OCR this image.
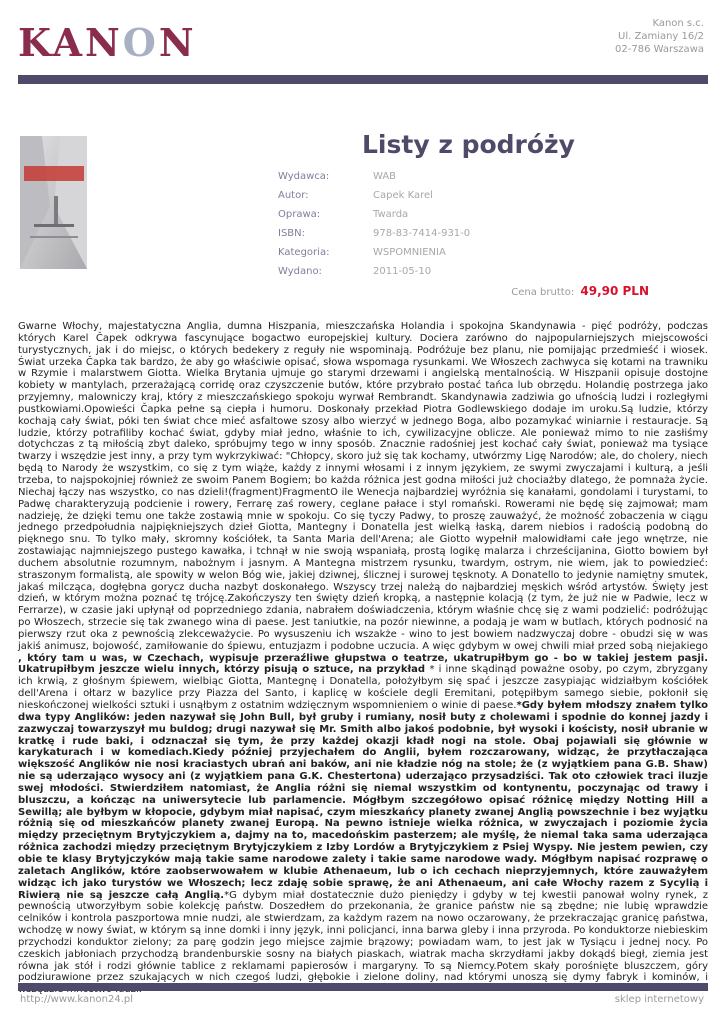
KANON	Kanon s.c.
Ul. Zamiany 16/2
02-786 Warszawa
Listy z podróży
Wydawca:	WAB
Autor:	Capek Karel
Oprawa:	Twarda
ISBN:	978-83-7414-931-0
Kategoria:	WSPOMNIENIA
Wydano:	2011-05-10
Cena brutto: 49,90 PLN

Gwarne Włochy, majestatyczna Anglia, dumna Hiszpania, mieszczańska Holandia i spokojna Skandynawia - pięć podróży, podczas których Karel Čapek odkrywa fascynujące bogactwo europejskiej kultury. Dociera zarówno do najpopularniejszych miejscowości turystycznych, jak i do miejsc, o których bedekery z reguły nie wspominają. Podróżuje bez planu, nie pomijając przedmieść i wiosek. Świat urzeka Čapka tak bardzo, że aby go właściwie opisać, słowa wspomaga rysunkami. We Włoszech zachwyca się kotami na trawniku w Rzymie i malarstwem Giotta. Wielka Brytania ujmuje go starymi drzewami i angielską mentalnością. W Hiszpanii opisuje dostojne kobiety w mantylach, przerażającą corridę oraz czyszczenie butów, które przybrało postać tańca lub obrzędu. Holandię postrzega jako przyjemny, malowniczy kraj, który z mieszczańskiego spokoju wyrwał Rembrandt. Skandynawia zadziwia go ufnością ludzi i rozległymi pustkowiami.Opowieści Čapka pełne są ciepła i humoru. Doskonały przekład Piotra Godlewskiego dodaje im uroku.Są ludzie, którzy kochają cały świat, póki ten świat chce mieć asfaltowe szosy albo wierzyć w jednego Boga, albo pozamykać winiarnie i restauracje. Są ludzie, którzy potrafiliby kochać świat, gdyby miał jedno, właśnie to ich, cywilizacyjne oblicze. Ale ponieważ mimo to nie zasłiśmy dotychczas z tą miłością zbyt daleko, spróbujmy tego w inny sposób. Znacznie radośniej jest kochać cały świat, ponieważ ma tysiące twarzy i wszędzie jest inny, a przy tym wykrzykiwać: "Chłopcy, skoro już się tak kochamy, utwórzmy Ligę Narodów; ale, do cholery, niech będą to Narody że wszystkim, co się z tym wiąże, każdy z innymi włosami i z innym językiem, ze swymi zwyczajami i kulturą, a jeśli trzeba, to najspokojniej również ze swoim Panem Bogiem; bo każda różnica jest godna miłości już chociażby dlatego, że pomnaża życie. Niechaj łączy nas wszystko, co nas dzieli!(fragment)FragmentO ile Wenecja najbardziej wyróżnia się kanałami, gondolami i turystami, to Padwę charakteryzują podcienie i rowery, Ferrarę zaś rowery, ceglane pałace i styl romański. Rowerami nie będę się zajmował; mam nadzieję, że dzięki temu one także zostawią mnie w spokoju. Co się tyczy Padwy, to proszę zauważyć, że możność zobaczenia w ciągu jednego przedpołudnia najpiękniejszych dzieł Giotta, Mantegny i Donatella jest wielką łaską, darem niebios i radością podobną do pięknego snu. To tylko mały, skromny kościółek, ta Santa Maria dell'Arena; ale Giotto wypełnił malowidłami całe jego wnętrze, nie zostawiając najmniejszego pustego kawałka, i tchnął w nie swoją wspaniałą, prostą logikę malarza i chrześcijanina, Giotto bowiem był duchem absolutnie rozumnym, nabożnym i jasnym. A Mantegna mistrzem rysunku, twardym, ostrym, nie wiem, jak to powiedzieć: straszonym formalistą, ale spowity w welon Bóg wie, jakiej dziwnej, ślicznej i surowej tęsknoty. A Donatello to jedynie namiętny smutek, jakaś milcząca, dogłębna gorycz ducha nazbyt doskonałego. Wszyscy trzej należą do najbardziej męskich wśród artystów. Święty jest dzień, w którym można poznać tę trójcę.Zakończyszy ten święty dzień kropką, a następnie kolacją (z tym, że już nie w Padwie, lecz w Ferrarze), w czasie jaki upłynął od poprzedniego zdania, nabrałem doświadczenia, którym właśnie chcę się z wami podzielić: podróżując po Włoszech, strzecie się tak zwanego wina di paese. Jest taniutkie, na pozór niewinne, a podają je wam w butlach, których podnosić na pierwszy rzut oka z pewnością zlekceważycie. Po wysuszeniu ich wszakże - wino to jest bowiem nadzwyczaj dobre - obudzi się w was jakiś animusz, bojowość, zamiłowanie do śpiewu, entuzjazm i podobne uczucia. A więc gdybym w owej chwili miał przed sobą niejakiego , który tam u was, w Czechach, wypisuje przeraźliwe głupstwa o teatrze, ukatrupiłbym go - bo w takiej jestem pasji. Ukatrupiłbym jeszcze wielu innych, którzy pisują o sztuce, na przykład * i inne skądinąd poważne osoby, po czym, zbryzgany ich krwią, z głośnym śpiewem, wielbiąc Giotta, Mantegnę i Donatella, położyłbym się spać i jeszcze zasypiając widziałbym kościółek dell'Arena i ołtarz w bazylice przy Piazza del Santo, i kaplicę w kościele degli Eremitani, potępiłbym samego siebie, pokłonił się nieskończonej wielkości sztuki i usnąłbym z ostatnim wdzięcznym wspomnieniem o winie di paese.*Gdy byłem młodszy znałem tylko dwa typy Anglików: jeden nazywał się John Bull, był gruby i rumiany, nosił buty z cholewami i spodnie do konnej jazdy i zazwyczaj towarzyszył mu buldog; drugi nazywał się Mr. Smith albo jakoś podobnie, był wysoki i kościsty, nosił ubranie w kratkę i rude baki, i odznaczał się tym, że przy każdej okazji kładł nogi na stole. Obaj pojawiali się głównie w karykaturach i w komediach.Kiedy później przyjechałem do Anglii, byłem rozczarowany, widząc, że przytłaczająca większość Anglików nie nosi kraciastych ubrań ani baków, ani nie kładzie nóg na stole; że (z wyjątkiem pana G.B. Shaw) nie są uderzająco wysocy ani (z wyjątkiem pana G.K. Chestertona) uderzająco przysadziści. Tak oto człowiek traci iluzje swej młodości. Stwierdziłem natomiast, że Anglia różni się niemal wszystkim od kontynentu, poczynając od trawy i bluszczu, a kończąc na uniwersytecie lub parlamencie. Mógłbym szczegółowo opisać różnicę między Notting Hill a Sewillą; ale byłbym w kłopocie, gdybym miał napisać, czym mieszkańcy planety zwanej Anglią powszechnie i bez wyjątku różnią się od mieszkańców planety zwanej Europą. Na pewno istnieje wielka różnica, w zwyczajach i poziomie życia między przeciętnym Brytyjczykiem a, dajmy na to, macedońskim pasterzem; ale myślę, że niemal taka sama uderzająca różnica zachodzi między przeciętnym Brytyjczykiem z Izby Lordów a Brytyjczykiem z Psiej Wyspy. Nie jestem pewien, czy obie te klasy Brytyjczyków mają takie same narodowe zalety i takie same narodowe wady. Mógłbym napisać rozprawę o zaletach Anglików, które zaobserwowałem w klubie Athenaeum, lub o ich cechach nieprzyjemnych, które zauważyłem widząc ich jako turystów we Włoszech; lecz zdaję sobie sprawę, że ani Athenaeum, ani całe Włochy razem z Sycylią i Riwierą nie są jeszcze całą Anglią.*G dybym miał dostatecznie dużo pieniędzy i gdyby w tej kwestii panował wolny rynek, z pewnością utworzyłbym sobie kolekcję państw. Doszedłem do przekonania, że granice państw nie są zbędne; nie lubię wprawdzie celników i kontrola paszportowa mnie nudzi, ale stwierdzam, za każdym razem na nowo oczarowany, że przekraczając granicę państwa, wchodzę w nowy świat, w którym są inne domki i inny język, inni policjanci, inna barwa gleby i inna przyroda. Po konduktorze niebieskim przychodzi konduktor zielony; za parę godzin jego miejsce zajmie brązowy; powiadam wam, to jest jak w Tysiącu i jednej nocy. Po czeskich jabłoniach przychodzą brandenburskie sosny na białych piaskach, wiatrak macha skrzydłami jakby dokądś biegł, ziemia jest równa jak stół i rodzi głównie tablice z reklamami papierosów i margaryny. To są Niemcy.Potem skały porośnięte bluszczem, góry podziurawione przez szukających w nich czegoś ludzi, głębokie i zielone doliny, nad którymi unoszą się dymy fabryk i kominów, i

http://www.kanon24.pl	sklep internetowy
